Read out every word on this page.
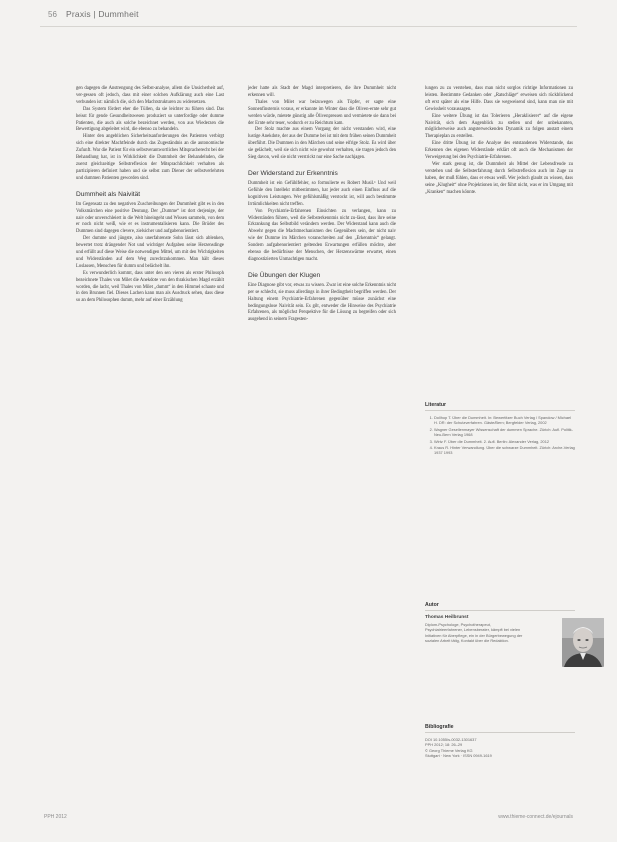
56 Praxis | Dummheit

gen dagegen die Anstrengung des Selbst-analyse, allem die Unsicherheit auf, ver-gessen oft jedoch, dass mit einer solchen Aufklärung auch eine Last verbunden ist: nämlich die, sich den Machtstrukturen zu widersetzen.

Das System fördert eher die Tüllen, da sie leichter zu führen sind. Das heisst für gende Gesundheitswesen produziert so unterfordige oder dumme Patienten, die auch als solche bezeichnet werden, von aus Wiederzen die Bewertigung abgeleitet wird, die ebenso zu behandeln.

Hinter den angeblichen Sicherheitsanforderungen des Patienten verbirgt sich eine direkter Machtfeinde durch das Zugeständnis an die autonomische Zufunft. War die Patient für ein selbstverantwortliches Mitspracherecht bei der Behandlung hat, ist in Wirklichkeit die Dummheit der Behandelnden, die zuerst gleichzeitige Selbstreflexion der Mitsprachlichkeit verhalten als partizipieren definiert haben und sie selbst zum Diener der selbstverlehrten und dummen Patienten geworden sind.

Dummheit als Naivität

Im Gegensatz zu den negativen Zuschreibungen der Dummheit gibt es in den Volksmärchen eine positive Deutung. Der „Dumme“ ist dort derjenige, der naiv oder unverschleiert in die Welt hineingeht und Wissen sammeln, von dem er noch nicht weiß, wie er es instrumentalisieren kann. Die Brüder des Dummen sind dagegen clevere, zielsicher und aufgabenorientiert.

Der dumme und jüngste, also unerfahrenste Sohn lässt sich ablenken, bewertet trotz drängender Not und wichtiger Aufgaben seine Herzensdinge und erfüllt auf diese Weise die notwendigen Mittel, um mit den Wichtigkeiten und Widerständen auf dem Weg zurechtzukommen. Man hält dieses Loslassen, Menschen für dumm und belächelt ihn.

Es verwunderlich kommt, dass unter den sen vieren als erster Philosoph bezeichnete Thales von Milet die Anekdote von den thrakischen Magd erzählt worden, die lacht, weil Thales von Milet „dumm“ in den Himmel schaute und in den Brunnen fiel. Dieses Lachen kann man als Ausdruck sehen, dass diese so an dem Philosophen dumm, mehr auf einer Erzählung

jeder hatte als Stadt der Magd interpretieren, die ihre Dummheit nicht erkennen will.

Thales von Milet war beizuwegen als Töpfer, er sagte eine Sonnenfinsternis voraus, er erkannte im Winter dass die Oliven-ernte sehr gut werden würde, mietete günstig alle Ölivenpressen und vermietete sie dann bei der Ernte sehr teuer, wodurch er zu Reichtum kam.

Der Stolz machte aus einem Vorgang der nicht verstanden wird, eine lustige Anekdote, der aus der Dumme bei ist mit dem frühen seinen Dummheit überführt. Die Dummen in den Märchen und seine eifrige Stolz. Es wird über sie gelächelt, weil sie sich nicht wie gewohnt verhalten, sie tragen jedoch den Sieg davon, weil sie nicht verstrickt nur eine Sache nachjagen.

Der Widerstand zur Erkenntnis

Dummheit ist ein Gefühlfehler, so formulierte es Robert Musil.¹ Und weil Gefühle den Intellekt mitbestimmen, hat jeder auch einen Einfluss auf die kognitiven Leistungen. Wer gefühlsmäßig verstockt ist, will auch bestimmte Irrtümlichkeiten nicht treffen.

Von Psychiatrie-Erfahrenen Einsichten zu verlangen, kann zu Widerständen führen, weil die Selbsterkenntnis nicht zu-lässt, dass ihre seine Erkrankung das Selbstbild verändern werden. Der Widerstand kann auch die Abwehr gegen die Machtmechanismen des Gegenübers sein, der nicht naiv wie der Dumme im Märchen voranschreiten auf den „Erkenntnis“ gelangt. Sondern aufgabenorientiert geltenden Erwartungen erfüllen möchte, aber ebenso die bedürfnisse der Menschen, der Herzenswärme erwartet, einen diagnostizierten Unmachtigen macht.

Die Übungen der Klugen

Eine Diagnose gibt vor, etwas zu wissen. Zwar ist eine solche Erkenntnis nicht per se schlecht, sie muss allerdings in ihrer Bedingtheit begriffen werden. Der Haltung einem Psychiatrie-Erfahrenen gegenüber müsse zunächst eine bedingungslose Naivität sein. Es gilt, entweder die Hinweise des Psychiatrie Erfahrenen, als möglichst Perspektive für die Lösung zu begreifen oder sich ausgehend in seinem Fragesten-

lungen zu zu verstehen, dass man nicht sorglos richtige Informationen zu leisten. Bestimmte Gedanken oder „Ratschläge“ erweisen sich rückblickend oft erst später als eine Hilfe. Dass sie wegweisend sind, kann man nie mit Gewissheit voraussagen.

Eine weitere Übung ist das Tolerieren „Heraklisierer“ auf die eigene Naivität, sich dem Augenblick zu stellen und der unbekannten, möglicherweise auch angsterweckenden Dynamik zu folgen anstatt einem Therapieplan zu erstellen.

Eine dritte Übung ist die Analyse des entstandenen Widerstande, das Erkennen des eigenen Widerstände erklärt oft auch die Mechanismen der Verweigerung bei den Psychiatrie-Erfahrenen.

Wer stark genug ist, die Dummheit als Mittel der Lebensfreude zu verstehen und die Selbsterfahrung durch Selbstreflexion auch im Zuge zu haben, der muß fühlen, dass er etwas weiß. Wer jedoch glaubt zu wissen, dass seine „Klugheit“ ohne Projektionen ist, der führt nicht, was er im Umgang mit „Kranken“ machen könnte.

Literatur
1. Dollhop T. Über die Dummheit. In: Bewertitzer Buch Verlag / Spandow / Michael H. DR: der Schutzverfahren. Gäste/Bern; Bergfelder Verlag, 2002
2. Wagner Gesellenmayer Wissenschaft der dummen Sprache. Zürich: Aufl. Politik-Neu-Bern Verlag 1968
3. Wirtz F. Über die Dummheit. 2. Aufl. Berlin: Alexander Verlag, 2012
4. Kraus R. Hinter Verwandlung. Über die schwarze Dummheit. Zürich: Arche-Verlag 1937 1993
Autor
Thomas Heilbrunst
Diplom-Psychologe, Psychotherapeut, Psychiatrieerfahrener, Lebensberater, kämpft bei vielen Initiativen für Aberpflege, ein in der Bürgerbewegung der sozialen Arbeit tätig, Kontakt über die Redaktion.
Bibliografie
DOI 10.1055/s-0032-1301637
PPH 2012; 18: 26–29
© Georg Thieme Verlag KG
Stuttgart · New York · ISSN 0949-1619
PPH 2012	www.thieme-connect.de/ejournals
